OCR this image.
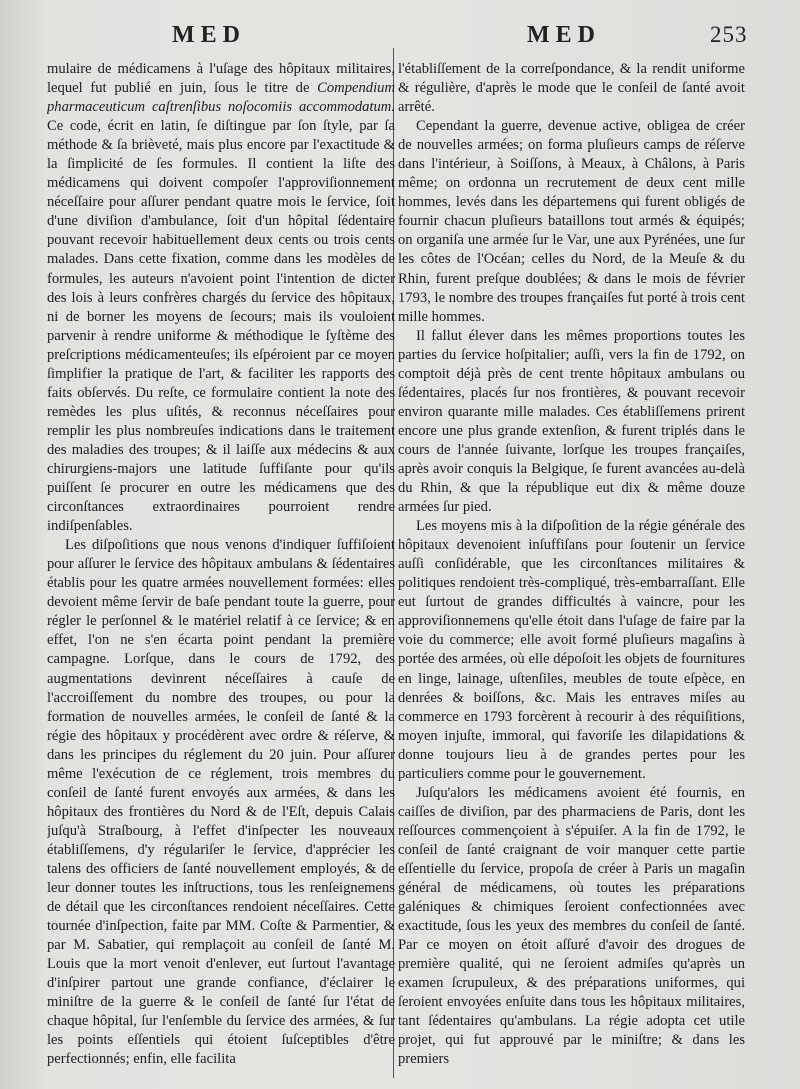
MED	MED	253

mulaire de médicamens à l'uſage des hôpitaux militaires, lequel fut publié en juin, ſous le titre de Compendium pharmaceuticum caſtrenſibus noſocomiis accommodatum. Ce code, écrit en latin, ſe diſtingue par ſon ſtyle, par ſa méthode & ſa brièveté, mais plus encore par l'exactitude & la ſimplicité de ſes formules. Il contient la liſte des médicamens qui doivent compoſer l'approviſionnement néceſſaire pour aſſurer pendant quatre mois le ſervice, ſoit d'une diviſion d'ambulance, ſoit d'un hôpital ſédentaire pouvant recevoir habituellement deux cents ou trois cents malades. Dans cette fixation, comme dans les modèles de formules, les auteurs n'avoient point l'intention de dicter des lois à leurs confrères chargés du ſervice des hôpitaux, ni de borner les moyens de ſecours; mais ils vouloient parvenir à rendre uniforme & méthodique le ſyſtème des preſcriptions médicamenteuſes; ils eſpéroient par ce moyen ſimplifier la pratique de l'art, & faciliter les rapports des faits obſervés. Du reſte, ce formulaire contient la note des remèdes les plus uſités, & reconnus néceſſaires pour remplir les plus nombreuſes indications dans le traitement des maladies des troupes; & il laiſſe aux médecins & aux chirurgiens-majors une latitude ſuffiſante pour qu'ils puiſſent ſe procurer en outre les médicamens que des circonſtances extraordinaires pourroient rendre indiſpenſables.

Les diſpoſitions que nous venons d'indiquer ſuffiſoient pour aſſurer le ſervice des hôpitaux ambulans & ſédentaires établis pour les quatre armées nouvellement formées: elles devoient même ſervir de baſe pendant toute la guerre, pour régler le perſonnel & le matériel relatif à ce ſervice; & en effet, l'on ne s'en écarta point pendant la première campagne. Lorſque, dans le cours de 1792, des augmentations devinrent néceſſaires à cauſe de l'accroiſſement du nombre des troupes, ou pour la formation de nouvelles armées, le conſeil de ſanté & la régie des hôpitaux y procédèrent avec ordre & réſerve, & dans les principes du réglement du 20 juin. Pour aſſurer même l'exécution de ce réglement, trois membres du conſeil de ſanté furent envoyés aux armées, & dans les hôpitaux des frontières du Nord & de l'Eſt, depuis Calais juſqu'à Straſbourg, à l'effet d'inſpecter les nouveaux établiſſemens, d'y régulariſer le ſervice, d'apprécier les talens des officiers de ſanté nouvellement employés, & de leur donner toutes les inſtructions, tous les renſeignemens de détail que les circonſtances rendoient néceſſaires. Cette tournée d'inſpection, faite par MM. Coſte & Parmentier, & par M. Sabatier, qui remplaçoit au conſeil de ſanté M. Louis que la mort venoit d'enlever, eut ſurtout l'avantage d'inſpirer partout une grande confiance, d'éclairer le miniſtre de la guerre & le conſeil de ſanté ſur l'état de chaque hôpital, ſur l'enſemble du ſervice des armées, & ſur les points eſſentiels qui étoient ſuſceptibles d'être perfectionnés; enfin, elle facilita

l'établiſſement de la correſpondance, & la rendit uniforme & régulière, d'après le mode que le conſeil de ſanté avoit arrêté.

Cependant la guerre, devenue active, obligea de créer de nouvelles armées; on forma pluſieurs camps de réſerve dans l'intérieur, à Soiſſons, à Meaux, à Châlons, à Paris même; on ordonna un recrutement de deux cent mille hommes, levés dans les départemens qui furent obligés de fournir chacun pluſieurs bataillons tout armés & équipés; on organiſa une armée ſur le Var, une aux Pyrénées, une ſur les côtes de l'Océan; celles du Nord, de la Meuſe & du Rhin, furent preſque doublées; & dans le mois de février 1793, le nombre des troupes françaiſes fut porté à trois cent mille hommes.

Il fallut élever dans les mêmes proportions toutes les parties du ſervice hoſpitalier; auſſi, vers la fin de 1792, on comptoit déjà près de cent trente hôpitaux ambulans ou ſédentaires, placés ſur nos frontières, & pouvant recevoir environ quarante mille malades. Ces établiſſemens prirent encore une plus grande extenſion, & furent triplés dans le cours de l'année ſuivante, lorſque les troupes françaiſes, après avoir conquis la Belgique, ſe furent avancées au-delà du Rhin, & que la république eut dix & même douze armées ſur pied.

Les moyens mis à la diſpoſition de la régie générale des hôpitaux devenoient inſuffiſans pour ſoutenir un ſervice auſſi conſidérable, que les circonſtances militaires & politiques rendoient très-compliqué, très-embarraſſant. Elle eut ſurtout de grandes difficultés à vaincre, pour les approviſionnemens qu'elle étoit dans l'uſage de faire par la voie du commerce; elle avoit formé pluſieurs magaſins à portée des armées, où elle dépoſoit les objets de fournitures en linge, lainage, uſtenſiles, meubles de toute eſpèce, en denrées & boiſſons, &c. Mais les entraves miſes au commerce en 1793 forcèrent à recourir à des réquiſitions, moyen injuſte, immoral, qui favoriſe les dilapidations & donne toujours lieu à de grandes pertes pour les particuliers comme pour le gouvernement.

Juſqu'alors les médicamens avoient été fournis, en caiſſes de diviſion, par des pharmaciens de Paris, dont les reſſources commençoient à s'épuiſer. A la fin de 1792, le conſeil de ſanté craignant de voir manquer cette partie eſſentielle du ſervice, propoſa de créer à Paris un magaſin général de médicamens, où toutes les préparations galéniques & chimiques ſeroient confectionnées avec exactitude, ſous les yeux des membres du conſeil de ſanté. Par ce moyen on étoit aſſuré d'avoir des drogues de première qualité, qui ne ſeroient admiſes qu'après un examen ſcrupuleux, & des préparations uniformes, qui ſeroient envoyées enſuite dans tous les hôpitaux militaires, tant ſédentaires qu'ambulans. La régie adopta cet utile projet, qui fut approuvé par le miniſtre; & dans les premiers
